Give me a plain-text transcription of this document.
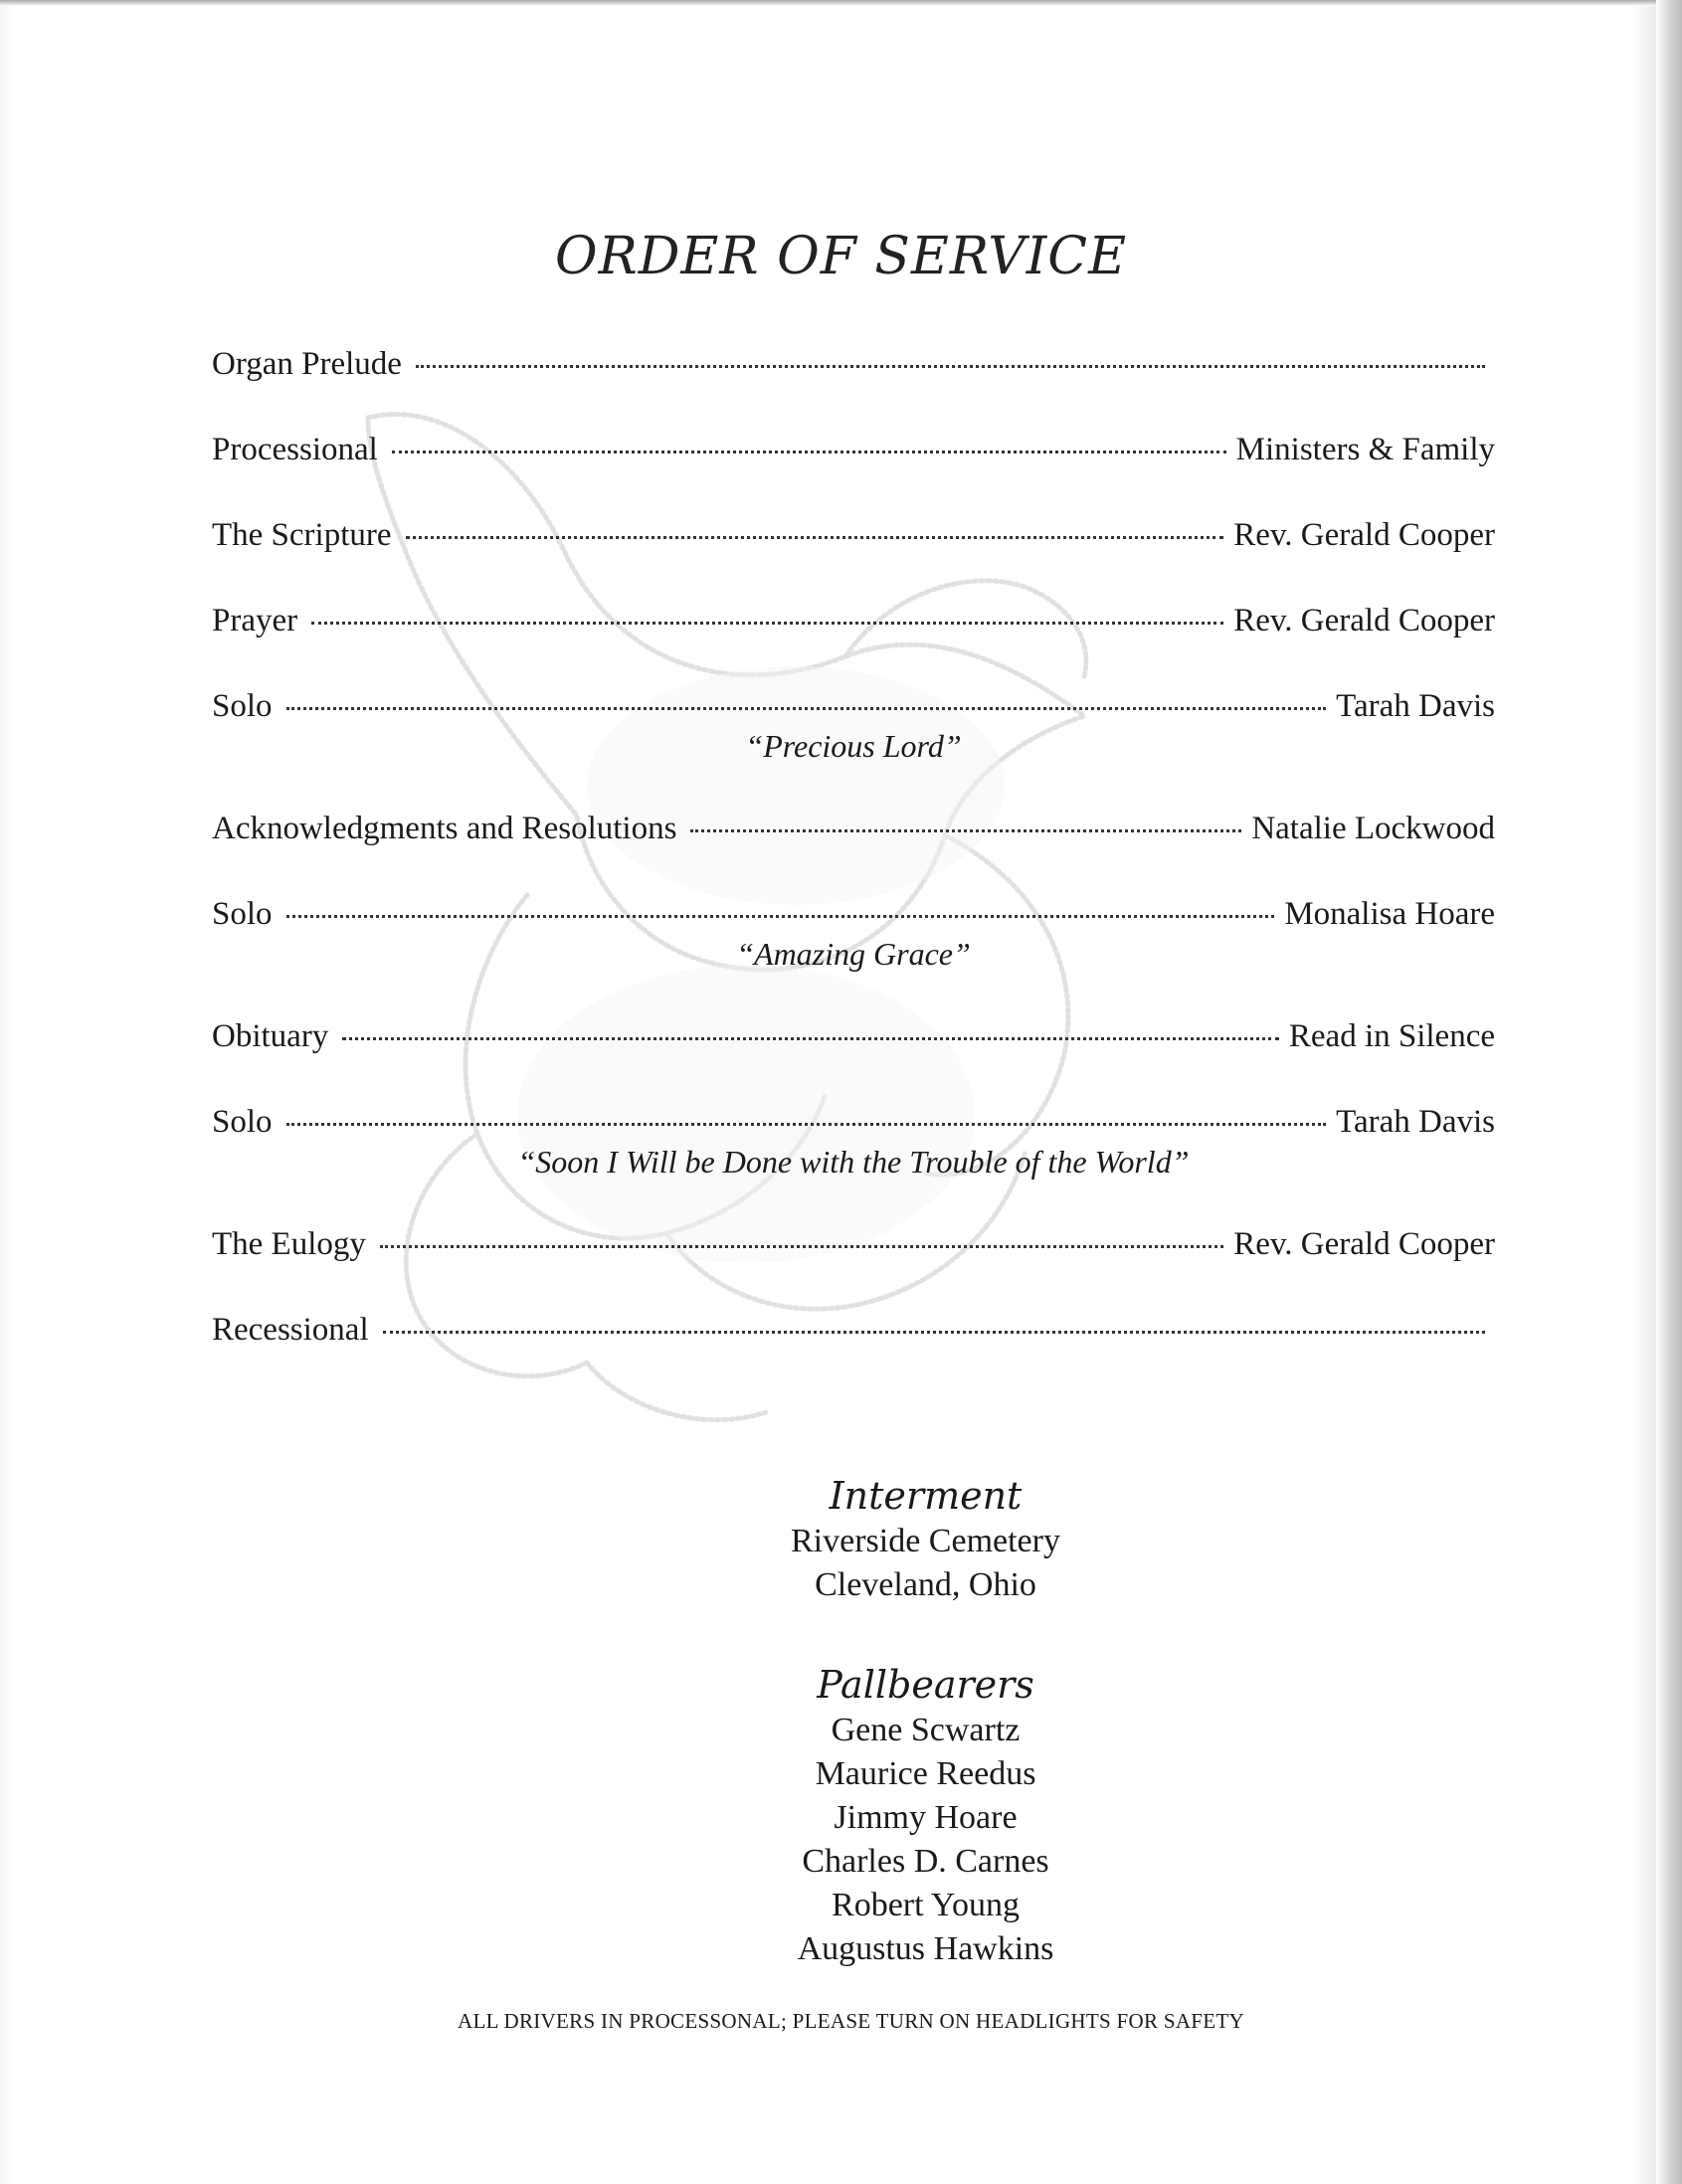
ORDER OF SERVICE
Organ Prelude
Processional	Ministers & Family
The Scripture	Rev. Gerald Cooper
Prayer	Rev. Gerald Cooper
Solo	Tarah Davis
“Precious Lord”
Acknowledgments and Resolutions	Natalie Lockwood
Solo	Monalisa Hoare
“Amazing Grace”
Obituary	Read in Silence
Solo	Tarah Davis
“Soon I Will be Done with the Trouble of the World”
The Eulogy	Rev. Gerald Cooper
Recessional
Interment
Riverside Cemetery
Cleveland, Ohio
Pallbearers
Gene Scwartz
Maurice Reedus
Jimmy Hoare
Charles D. Carnes
Robert Young
Augustus Hawkins
ALL DRIVERS IN PROCESSONAL; PLEASE TURN ON HEADLIGHTS FOR SAFETY
